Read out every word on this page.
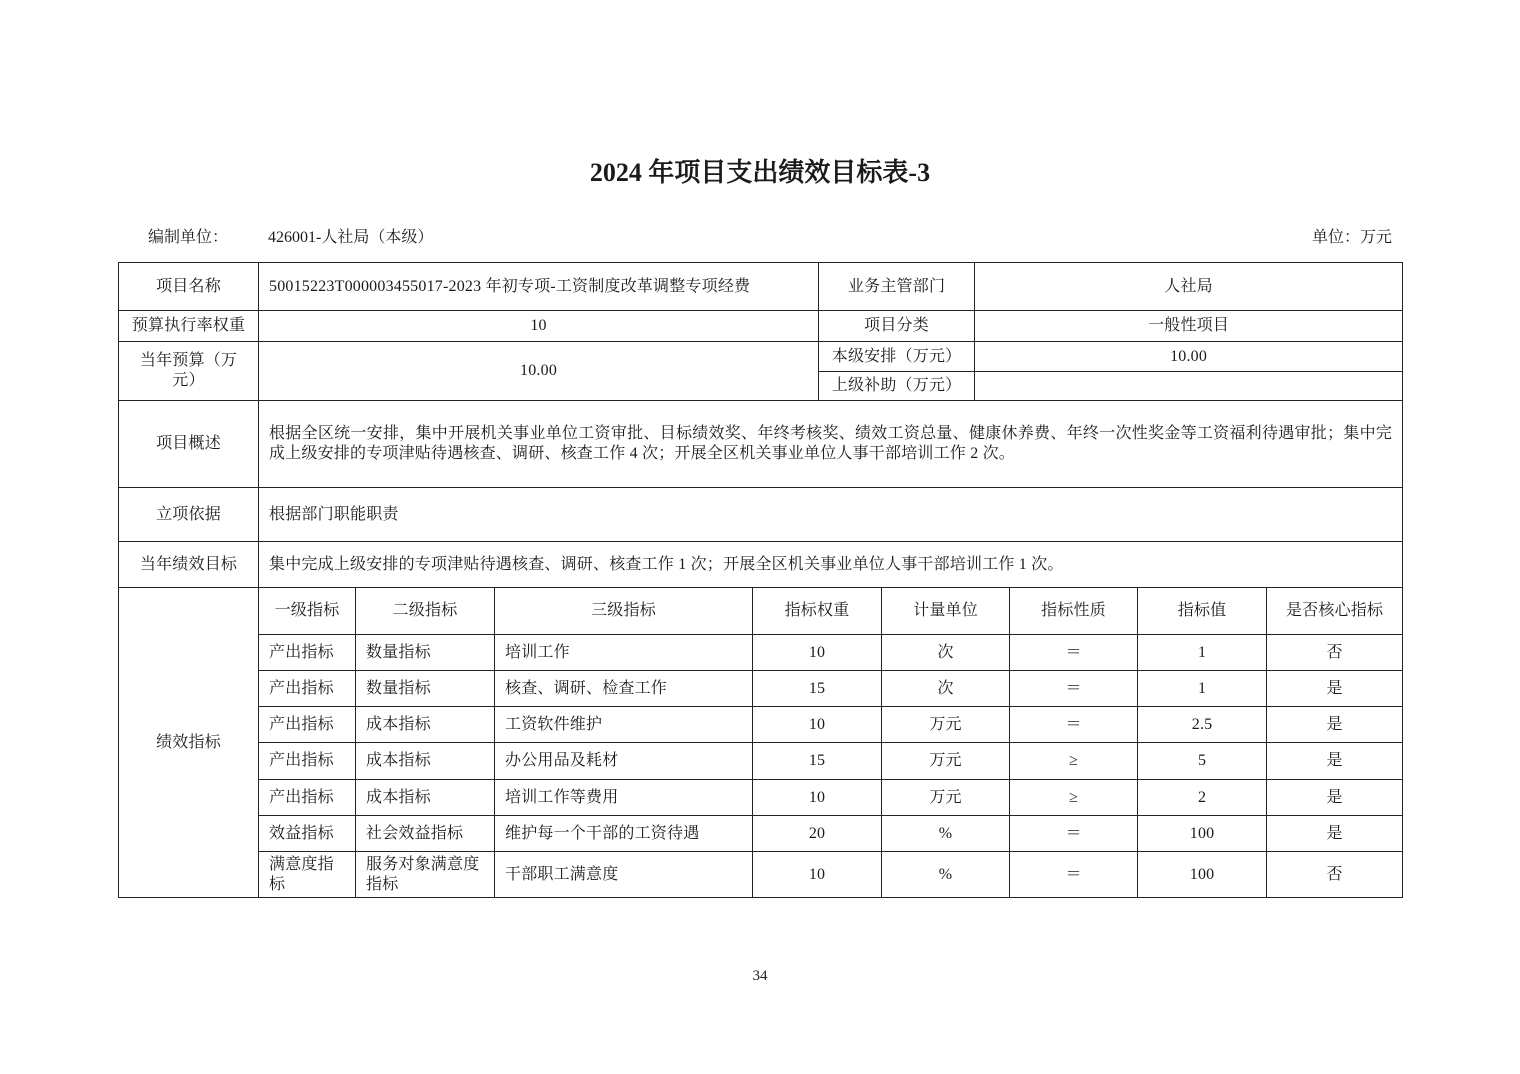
2024 年项目支出绩效目标表-3
编制单位： 426001-人社局（本级）	单位：万元
项目名称	50015223T000003455017-2023 年初专项-工资制度改革调整专项经费				业务主管部门		人社局			
预算执行率权重	10				项目分类		一般性项目			
当年预算（万元）	10.00				本级安排（万元）		10.00			
					上级补助（万元）					
项目概述	根据全区统一安排，集中开展机关事业单位工资审批、目标绩效奖、年终考核奖、绩效工资总量、健康休养费、年终一次性奖金等工资福利待遇审批；集中完成上级安排的专项津贴待遇核查、调研、核查工作 4 次；开展全区机关事业单位人事干部培训工作 2 次。									
立项依据	根据部门职能职责									
当年绩效目标	集中完成上级安排的专项津贴待遇核查、调研、核查工作 1 次；开展全区机关事业单位人事干部培训工作 1 次。									
绩效指标	一级指标	二级指标	三级指标	指标权重		计量单位		指标性质	指标值	是否核心指标
	产出指标	数量指标	培训工作	10		次		＝	1	否
	产出指标	数量指标	核查、调研、检查工作	15		次		＝	1	是
	产出指标	成本指标	工资软件维护	10		万元		＝	2.5	是
	产出指标	成本指标	办公用品及耗材	15		万元		≥	5	是
	产出指标	成本指标	培训工作等费用	10		万元		≥	2	是
	效益指标	社会效益指标	维护每一个干部的工资待遇	20		%		＝	100	是
	满意度指标	服务对象满意度指标	干部职工满意度	10		%		＝	100	否
34
